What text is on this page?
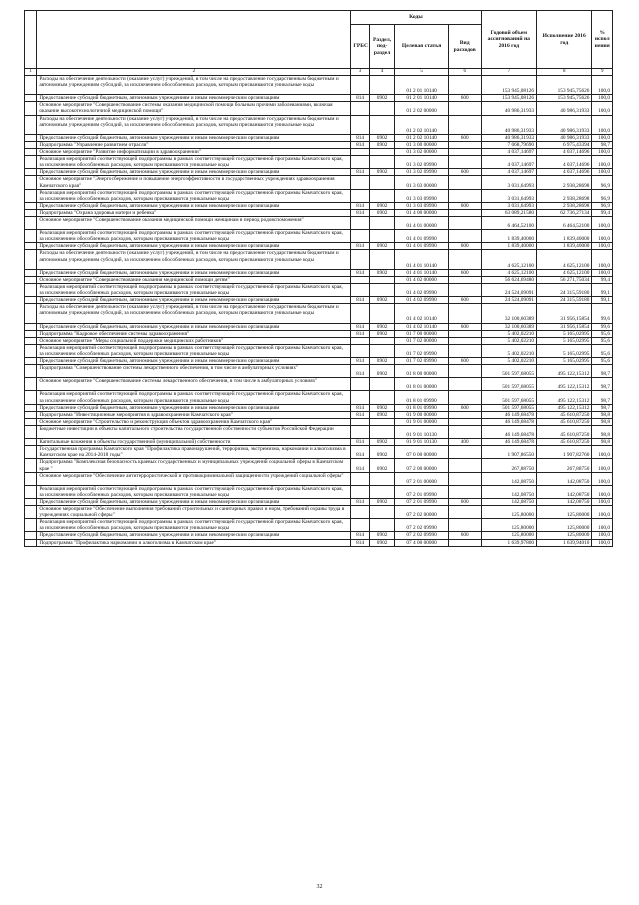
		Коды				Годовой объем ассигнований на 2016 год	Исполнение 2016 год	% испол нения
		ГРБС	Раздел, под-раздел	Целевая статья	Вид расходов			
1	2	3	4	5	6	7	8	9
	Расходы на обеспечение деятельности (оказание услуг) учреждений, в том числе на предоставление государственным бюджетным и автономным учреждениям субсидий, за исключением обособленных расходов, которым присваиваются уникальные коды			01 2 01 10140		153 945,08126	153 945,75626	100,0
	Предоставление субсидий бюджетным, автономным учреждениям и иным некоммерческим организациям	814	0902	01 2 01 10140	600	153 945,08126	153 945,75626	100,0
	Основное мероприятие "Совершенствование системы оказания медицинской помощи больным прочими заболеваниями, включая оказание высокотехнологичной медицинской помощи"			01 2 02 00000		40 986,31933	40 986,31933	100,0
	Расходы на обеспечение деятельности (оказание услуг) учреждений, в том числе на предоставление государственным бюджетным и автономным учреждениям субсидий, за исключением обособленных расходов, которым присваиваются уникальные коды			01 2 02 10140		40 986,31933	40 986,31933	100,0
	Предоставление субсидий бюджетным, автономным учреждениям и иным некоммерческим организациям	814	0902	01 2 02 10140	600	40 986,31933	40 986,31933	100,0
	Подпрограмма "Управление развитием отрасли"	814	0902	01 3 00 00000		7 068,79690	6 975,43394	98,7
	Основное мероприятие "Развитие информатизации в здравоохранении"			01 3 02 00000		4 037,14697	4 037,14696	100,0
	Реализация мероприятий соответствующей подпрограммы в рамках соответствующей государственной программы Камчатского края, за исключением обособленных расходов, которым присваиваются уникальные коды			01 3 02 09990		4 037,14697	4 037,14696	100,0
	Предоставление субсидий бюджетным, автономным учреждениям и иным некоммерческим организациям	814	0902	01 3 02 09990	600	4 037,14697	4 037,14696	100,0
	Основное мероприятие "Энергосбережение и повышение энергоэффективности в государственных учреждениях здравоохранения Камчатского края"			01 3 03 00000		3 031,64993	2 938,28698	96,9
	Реализация мероприятий соответствующей подпрограммы в рамках соответствующей государственной программы Камчатского края, за исключением обособленных расходов, которым присваиваются уникальные коды			01 3 03 09990		3 031,64993	2 938,28698	96,9
	Предоставление субсидий бюджетным, автономным учреждениям и иным некоммерческим организациям	814	0902	01 3 03 09990	600	3 031,64993	2 938,28698	96,9
	Подпрограмма "Охрана здоровья матери и ребенка"	814	0902	01 4 00 00000		63 089,21580	62 736,27134	99,4
	Основное мероприятие "Совершенствование оказания медицинской помощи женщинам в период родовспоможения"			01 4 01 00000		6 464,52100	6 464,52100	100,0
	Реализация мероприятий соответствующей подпрограммы в рамках соответствующей государственной программы Камчатского края, за исключением обособленных расходов, которым присваиваются уникальные коды			01 4 01 09990		1 839,40000	1 839,40000	100,0
	Предоставление субсидий бюджетным, автономным учреждениям и иным некоммерческим организациям	814	0902	01 4 01 09990	600	1 839,40000	1 839,40000	100,0
	Расходы на обеспечение деятельности (оказание услуг) учреждений, в том числе на предоставление государственным бюджетным и автономным учреждениям субсидий, за исключением обособленных расходов, которым присваиваются уникальные коды			01 4 01 10140		4 625,12100	4 625,12100	100,0
	Предоставление субсидий бюджетным, автономным учреждениям и иным некоммерческим организациям	814	0902	01 4 01 10140	600	4 625,12100	4 625,12100	100,0
	Основное мероприятие "Совершенствование оказания медицинской помощи детям"			01 4 02 00000		56 624,69480	56 271,75034	99,4
	Реализация мероприятий соответствующей подпрограммы в рамках соответствующей государственной программы Камчатского края, за исключением обособленных расходов, которым присваиваются уникальные коды			01 4 02 09990		24 524,09091	24 315,59180	99,1
	Предоставление субсидий бюджетным, автономным учреждениям и иным некоммерческим организациям	814	0902	01 4 02 09990	600	24 524,09091	24 315,59180	99,1
	Расходы на обеспечение деятельности (оказание услуг) учреждений, в том числе на предоставление государственным бюджетным и автономным учреждениям субсидий, за исключением обособленных расходов, которым присваиваются уникальные коды			01 4 02 10140		32 100,60389	31 956,15854	99,6
	Предоставление субсидий бюджетным, автономным учреждениям и иным некоммерческим организациям	814	0902	01 4 02 10140	600	32 100,60389	31 956,15854	99,6
	Подпрограмма "Кадровое обеспечение системы здравоохранения"	814	0902	01 7 00 00000		5 402,02210	5 165,02995	95,6
	Основное мероприятие "Меры социальной поддержки медицинских работников"			01 7 02 00000		5 402,02210	5 165,02995	95,6
	Реализация мероприятий соответствующей подпрограммы в рамках соответствующей государственной программы Камчатского края, за исключением обособленных расходов, которым присваиваются уникальные коды			01 7 02 09990		5 402,02210	5 165,02995	95,6
	Предоставление субсидий бюджетным, автономным учреждениям и иным некоммерческим организациям	814	0902	01 7 02 09990	600	5 402,02210	5 165,02995	95,6
	Подпрограмма "Совершенствование системы лекарственного обеспечения, в том числе в амбулаторных условиях"	814	0902	01 8 00 00000		501 597,68055	495 122,15312	98,7
	Основное мероприятие "Совершенствование системы лекарственного обеспечения, в том числе в амбулаторных условиях"			01 8 01 00000		501 597,68055	495 122,15312	98,7
	Реализация мероприятий соответствующей подпрограммы в рамках соответствующей государственной программы Камчатского края, за исключением обособленных расходов, которым присваиваются уникальные коды			01 8 01 09990		501 597,68055	495 122,15312	98,7
	Предоставление субсидий бюджетным, автономным учреждениям и иным некоммерческим организациям	814	0902	01 8 01 09990	600	501 597,68055	495 122,15312	98,7
	Подпрограмма "Инвестиционные мероприятия в здравоохранении Камчатского края"	814	0902	01 9 00 00000		46 149,68478	45 610,87250	98,8
	Основное мероприятие "Строительство и реконструкция объектов здравоохранения Камчатского края"			01 9 01 00000		46 149,68478	45 610,87250	98,8
	Бюджетные инвестиции в объекты капитального строительства государственной собственности субъектов Российской Федерации			01 9 01 10130		46 149,68478	45 610,87250	98,8
	Капитальные вложения в объекты государственной (муниципальной) собственности	814	0902	01 9 01 10130	400	46 149,68478	45 610,87250	98,8
	Государственная программа Камчатского края "Профилактика правонарушений, терроризма, экстремизма, наркомании и алкоголизма в Камчатском крае на 2014-2018 годы"	814	0902	07 0 00 00000		1 907,86550	1 907,82760	100,0
	Подпрограмма "Комплексная безопасность краевых государственных и муниципальных учреждений социальной сферы в Камчатском крае "	814	0902	07 2 00 00000		267,88750	267,88750	100,0
	Основное мероприятие "Обеспечение антитеррористической и противокриминальной защищенности учреждений социальной сферы"			07 2 01 00000		142,08750	142,08750	100,0
	Реализация мероприятий соответствующей подпрограммы в рамках соответствующей государственной программы Камчатского края, за исключением обособленных расходов, которым присваиваются уникальные коды			07 2 01 09990		142,08750	142,08750	100,0
	Предоставление субсидий бюджетным, автономным учреждениям и иным некоммерческим организациям	814	0902	07 2 01 09990	600	142,08750	142,08750	100,0
	Основное мероприятие "Обеспечение выполнения требований строительных и санитарных правил и норм, требований охраны труда в учреждениях социальной сферы"			07 2 02 00000		125,80000	125,80000	100,0
	Реализация мероприятий соответствующей подпрограммы в рамках соответствующей государственной программы Камчатского края, за исключением обособленных расходов, которым присваиваются уникальные коды			07 2 02 09990		125,80000	125,80000	100,0
	Предоставление субсидий бюджетным, автономным учреждениям и иным некоммерческим организациям	814	0902	07 2 02 09990	600	125,80000	125,80000	100,0
	Подпрограмма "Профилактика наркомании и алкоголизма в Камчатском крае"	814	0902	07 4 00 00000		1 639,97800	1 639,94010	100,0
32
